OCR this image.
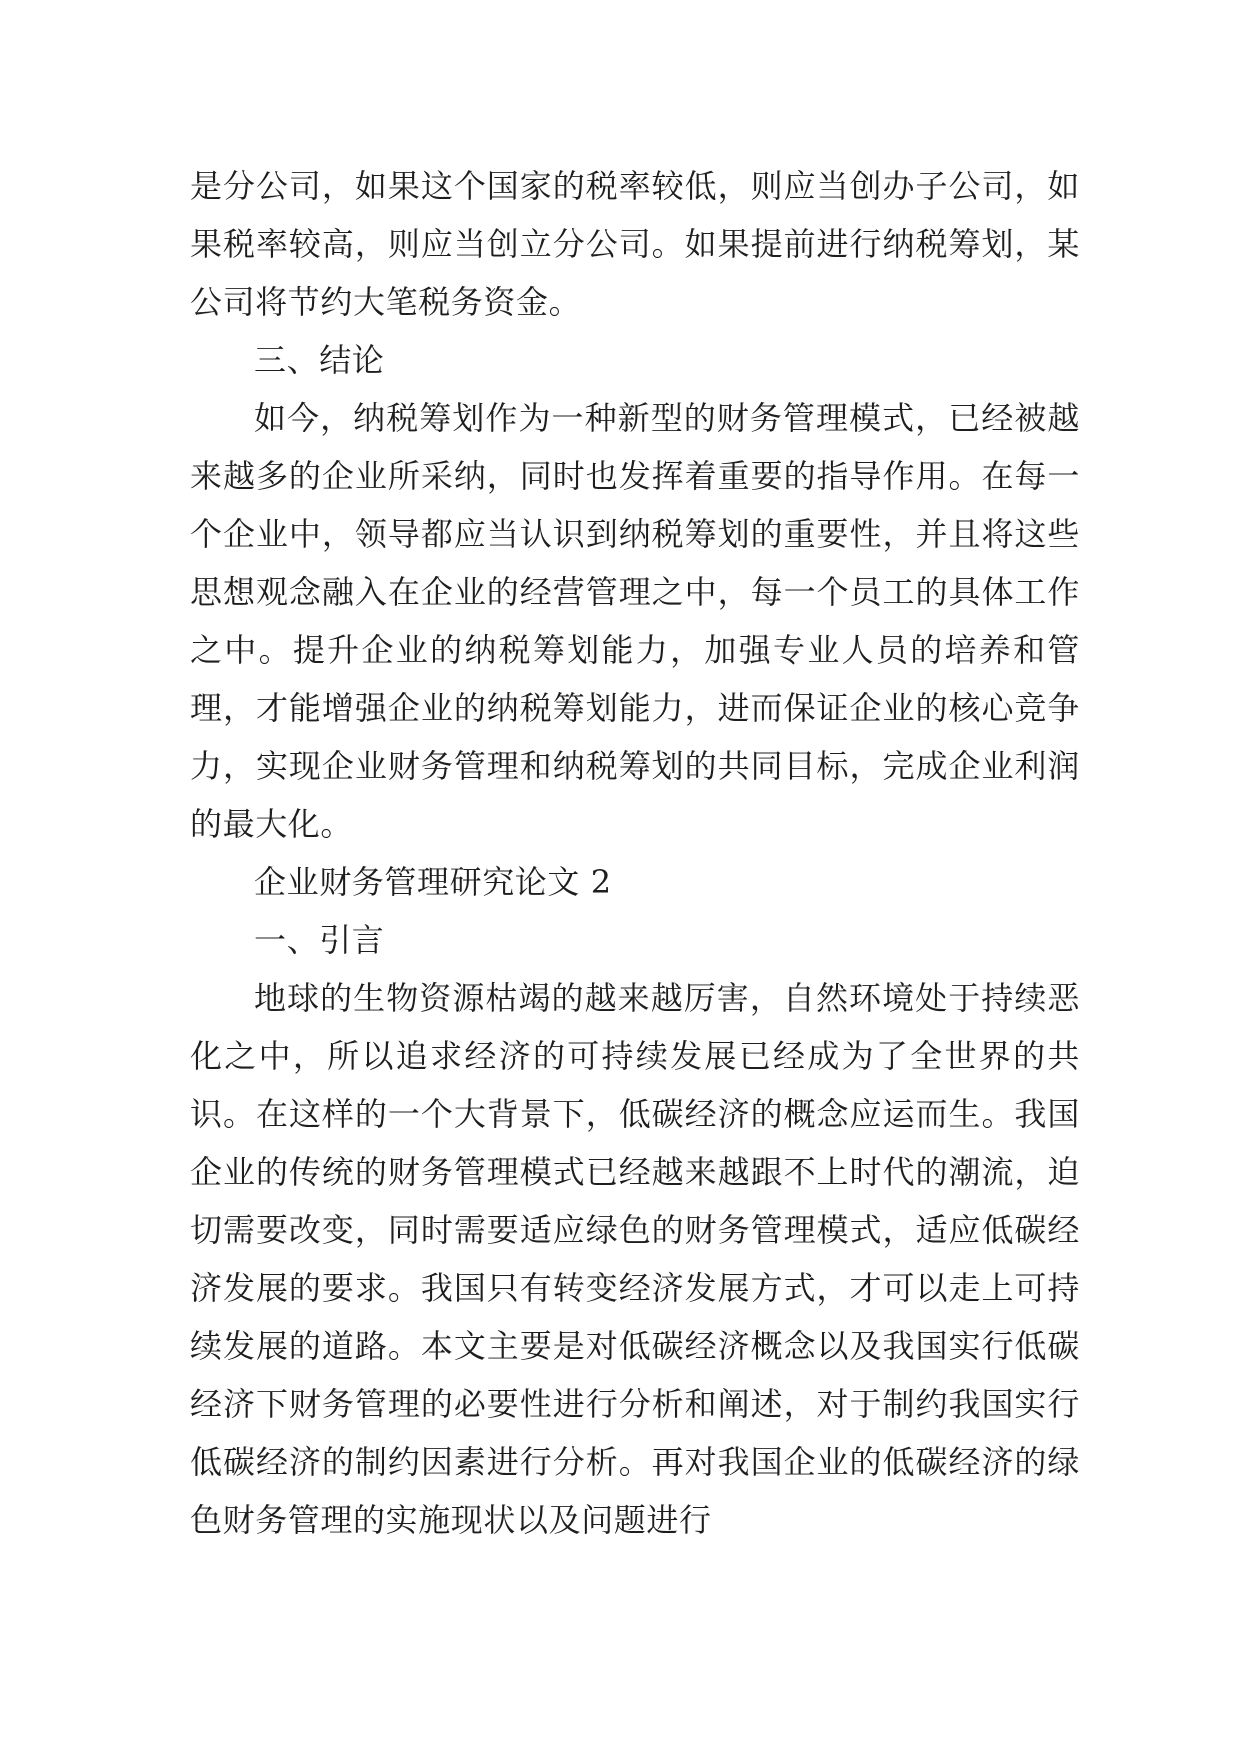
是分公司，如果这个国家的税率较低，则应当创办子公司，如果税率较高，则应当创立分公司。如果提前进行纳税筹划，某公司将节约大笔税务资金。

三、结论

如今，纳税筹划作为一种新型的财务管理模式，已经被越来越多的企业所采纳，同时也发挥着重要的指导作用。在每一个企业中，领导都应当认识到纳税筹划的重要性，并且将这些思想观念融入在企业的经营管理之中，每一个员工的具体工作之中。提升企业的纳税筹划能力，加强专业人员的培养和管理，才能增强企业的纳税筹划能力，进而保证企业的核心竞争力，实现企业财务管理和纳税筹划的共同目标，完成企业利润的最大化。

企业财务管理研究论文 2

一、引言

地球的生物资源枯竭的越来越厉害，自然环境处于持续恶化之中，所以追求经济的可持续发展已经成为了全世界的共识。在这样的一个大背景下，低碳经济的概念应运而生。我国企业的传统的财务管理模式已经越来越跟不上时代的潮流，迫切需要改变，同时需要适应绿色的财务管理模式，适应低碳经济发展的要求。我国只有转变经济发展方式，才可以走上可持续发展的道路。本文主要是对低碳经济概念以及我国实行低碳经济下财务管理的必要性进行分析和阐述，对于制约我国实行低碳经济的制约因素进行分析。再对我国企业的低碳经济的绿色财务管理的实施现状以及问题进行
